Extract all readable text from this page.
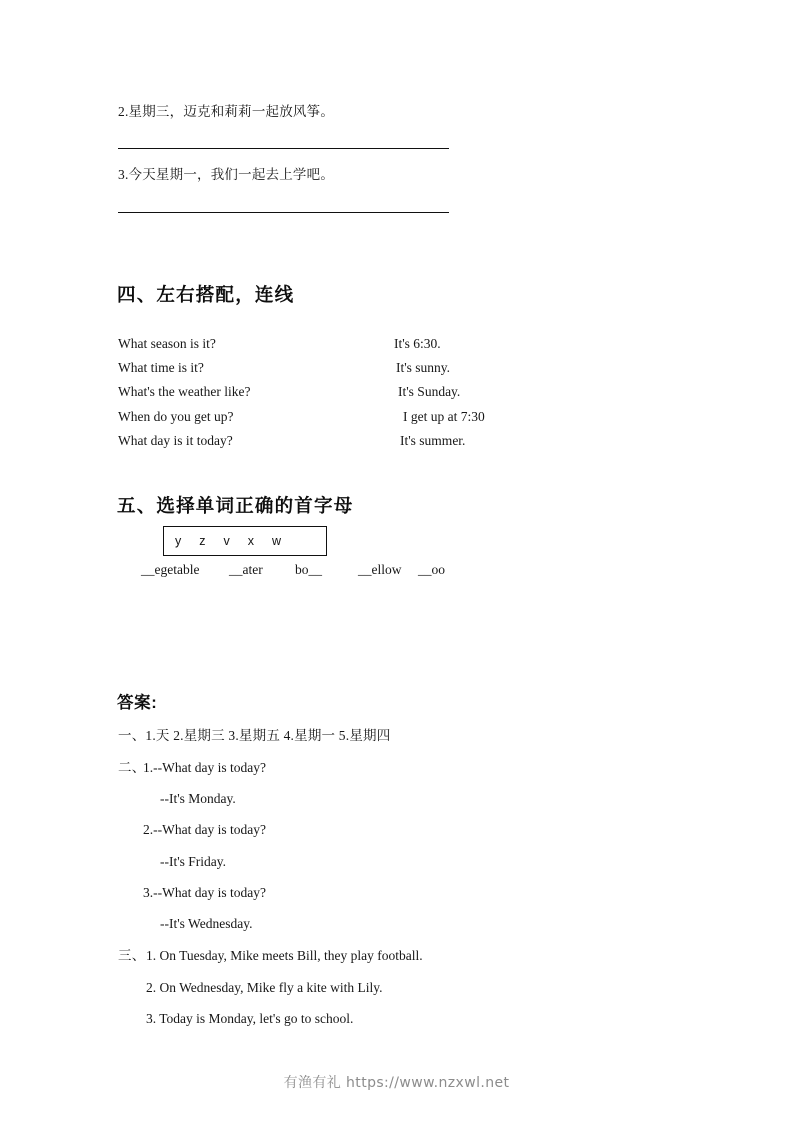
2.星期三，迈克和莉莉一起放风筝。
3.今天星期一，我们一起去上学吧。
四、左右搭配，连线
What season is it?
What time is it?
What's the weather like?
When do you get up?
What day is it today?
It's 6:30.
It's sunny.
It's Sunday.
I get up at 7:30
It's summer.
五、选择单词正确的首字母
y z v x w
__egetable __ater bo__	__ellow __oo
答案:
一、1.天 2.星期三 3.星期五 4.星期一 5.星期四
二、
1.--What day is today?
--It's Monday.
2.--What day is today?
--It's Friday.
3.--What day is today?
--It's Wednesday.
三、 1. On Tuesday, Mike meets Bill, they play football.
2. On Wednesday, Mike fly a kite with Lily.
3. Today is Monday, let's go to school.
有渔有礼 https://www.nzxwl.net
